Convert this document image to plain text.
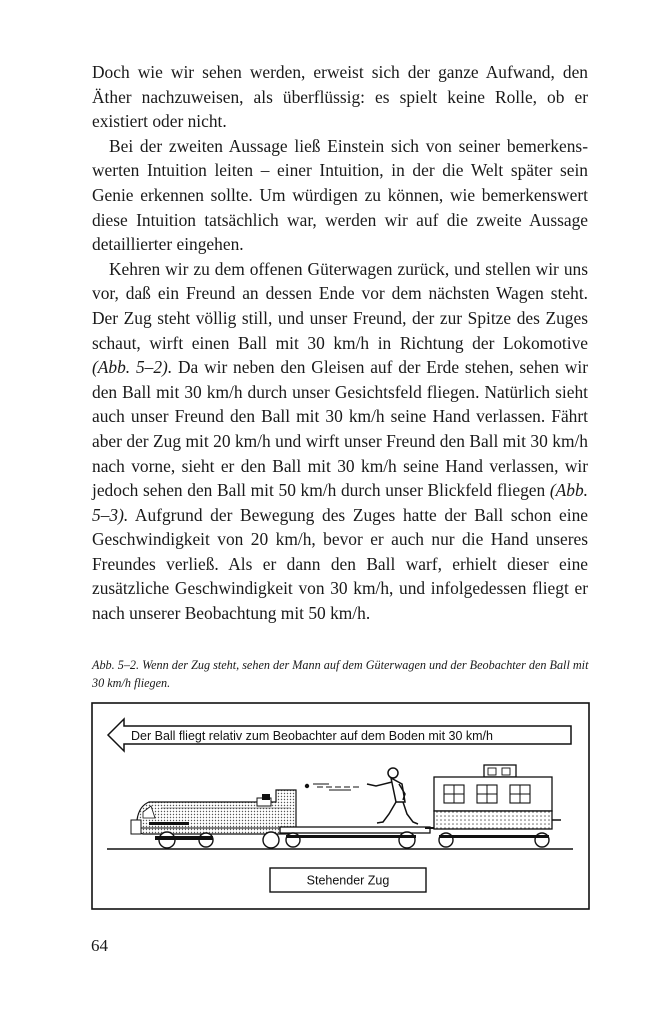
Doch wie wir sehen werden, erweist sich der ganze Aufwand, den Äther nachzuweisen, als überflüssig: es spielt keine Rolle, ob er existiert oder nicht.

Bei der zweiten Aussage ließ Einstein sich von seiner bemerkenswerten Intuition leiten – einer Intuition, in der die Welt später sein Genie erkennen sollte. Um würdigen zu können, wie bemerkenswert diese Intuition tatsächlich war, werden wir auf die zweite Aussage detaillierter eingehen.

Kehren wir zu dem offenen Güterwagen zurück, und stellen wir uns vor, daß ein Freund an dessen Ende vor dem nächsten Wagen steht. Der Zug steht völlig still, und unser Freund, der zur Spitze des Zuges schaut, wirft einen Ball mit 30 km/h in Richtung der Lokomotive (Abb. 5–2). Da wir neben den Gleisen auf der Erde stehen, sehen wir den Ball mit 30 km/h durch unser Gesichtsfeld fliegen. Natürlich sieht auch unser Freund den Ball mit 30 km/h seine Hand verlassen. Fährt aber der Zug mit 20 km/h und wirft unser Freund den Ball mit 30 km/h nach vorne, sieht er den Ball mit 30 km/h seine Hand verlassen, wir jedoch sehen den Ball mit 50 km/h durch unser Blickfeld fliegen (Abb. 5–3). Aufgrund der Bewegung des Zuges hatte der Ball schon eine Geschwindigkeit von 20 km/h, bevor er auch nur die Hand unseres Freundes verließ. Als er dann den Ball warf, erhielt dieser eine zusätzliche Geschwindigkeit von 30 km/h, und infolgedessen fliegt er nach unserer Beobachtung mit 50 km/h.

Abb. 5–2. Wenn der Zug steht, sehen der Mann auf dem Güterwagen und der Beobachter den Ball mit 30 km/h fliegen.
Der Ball fliegt relativ zum Beobachter auf dem Boden mit 30 km/h
Stehender Zug
64
